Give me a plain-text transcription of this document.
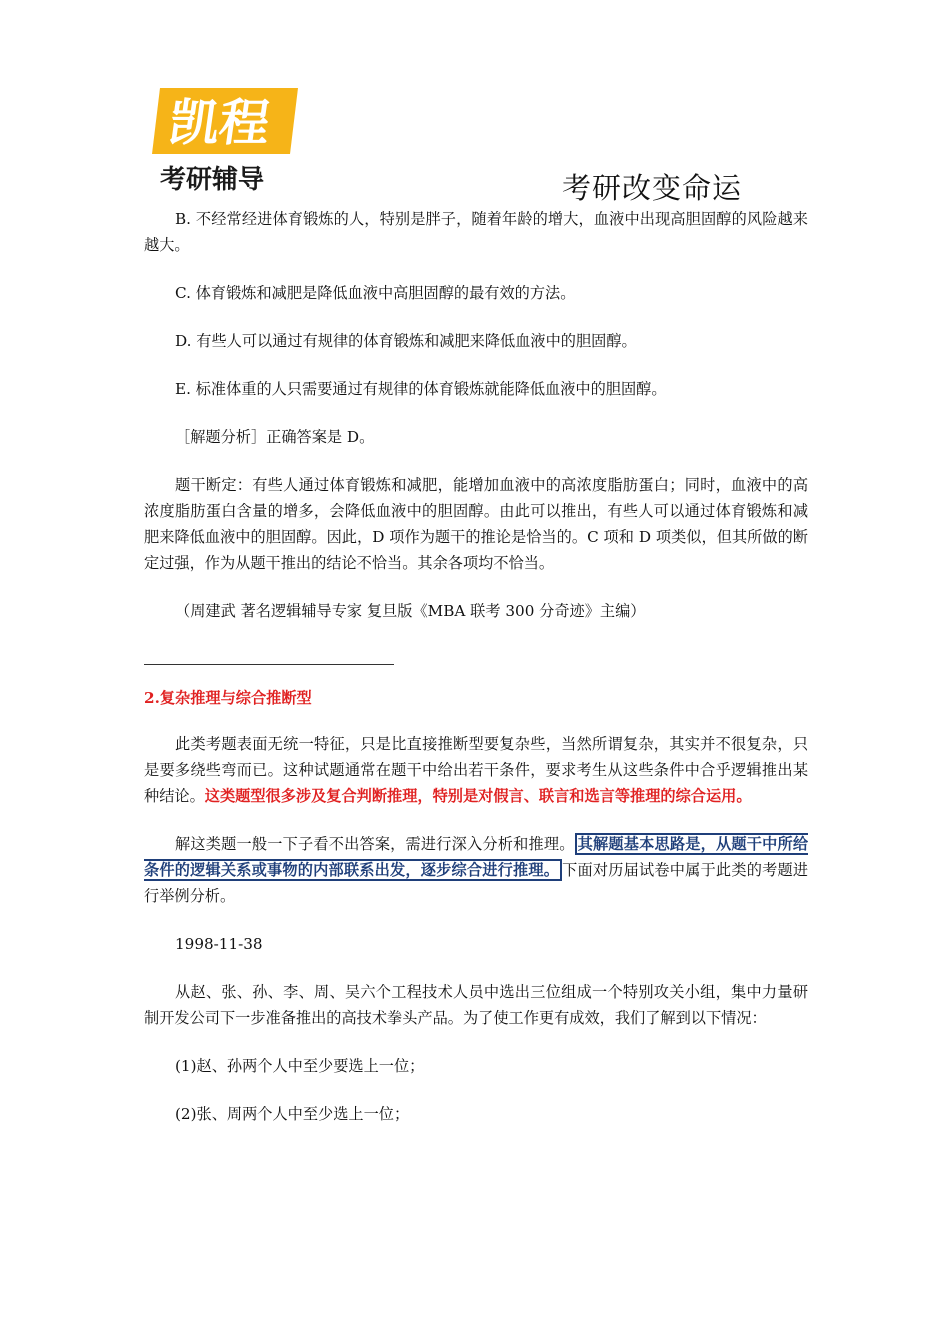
凯程
考研辅导	考研改变命运

B. 不经常经进体育锻炼的人，特别是胖子，随着年龄的增大，血液中出现高胆固醇的风险越来越大。

C. 体育锻炼和减肥是降低血液中高胆固醇的最有效的方法。

D. 有些人可以通过有规律的体育锻炼和减肥来降低血液中的胆固醇。

E. 标准体重的人只需要通过有规律的体育锻炼就能降低血液中的胆固醇。

［解题分析］正确答案是 D。

题干断定：有些人通过体育锻炼和减肥，能增加血液中的高浓度脂肪蛋白；同时，血液中的高浓度脂肪蛋白含量的增多，会降低血液中的胆固醇。由此可以推出，有些人可以通过体育锻炼和减肥来降低血液中的胆固醇。因此，D 项作为题干的推论是恰当的。C 项和 D 项类似，但其所做的断定过强，作为从题干推出的结论不恰当。其余各项均不恰当。

（周建武 著名逻辑辅导专家 复旦版《MBA 联考 300 分奇迹》主编）

2.复杂推理与综合推断型

此类考题表面无统一特征，只是比直接推断型要复杂些，当然所谓复杂，其实并不很复杂，只是要多绕些弯而已。这种试题通常在题干中给出若干条件，要求考生从这些条件中合乎逻辑推出某种结论。这类题型很多涉及复合判断推理，特别是对假言、联言和选言等推理的综合运用。

解这类题一般一下子看不出答案，需进行深入分析和推理。 其解题基本思路是，从题干中所给条件的逻辑关系或事物的内部联系出发，逐步综合进行推理。 下面对历届试卷中属于此类的考题进行举例分析。

1998-11-38

从赵、张、孙、李、周、吴六个工程技术人员中选出三位组成一个特别攻关小组，集中力量研制开发公司下一步准备推出的高技术拳头产品。为了使工作更有成效，我们了解到以下情况：

(1)赵、孙两个人中至少要选上一位；

(2)张、周两个人中至少选上一位；
